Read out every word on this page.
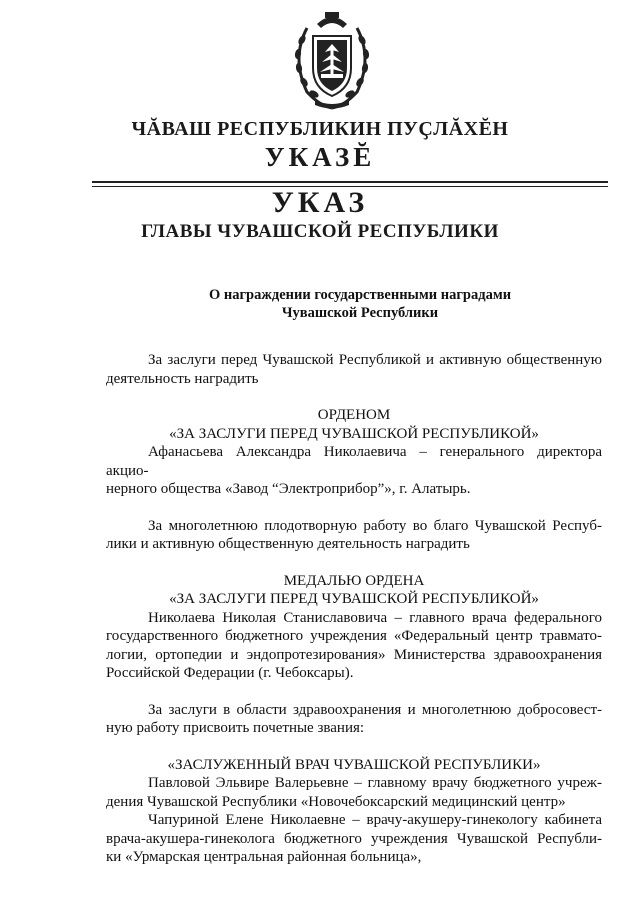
ЧĂВАШ РЕСПУБЛИКИН ПУҪЛĂХĔН
УКАЗĔ
УКАЗ
ГЛАВЫ ЧУВАШСКОЙ РЕСПУБЛИКИ
О награждении государственными наградами
Чувашской Республики

За заслуги перед Чувашской Республикой и активную общественную
деятельность наградить

ОРДЕНОМ

«ЗА ЗАСЛУГИ ПЕРЕД ЧУВАШСКОЙ РЕСПУБЛИКОЙ»

Афанасьева Александра Николаевича – генерального директора акцио-
нерного общества «Завод “Электроприбор”», г. Алатырь.

За многолетнюю плодотворную работу во благо Чувашской Респуб-
лики и активную общественную деятельность наградить

МЕДАЛЬЮ ОРДЕНА

«ЗА ЗАСЛУГИ ПЕРЕД ЧУВАШСКОЙ РЕСПУБЛИКОЙ»

Николаева Николая Станиславовича – главного врача федерального
государственного бюджетного учреждения «Федеральный центр травмато-
логии, ортопедии и эндопротезирования» Министерства здравоохранения
Российской Федерации (г. Чебоксары).

За заслуги в области здравоохранения и многолетнюю добросовест-
ную работу присвоить почетные звания:

«ЗАСЛУЖЕННЫЙ ВРАЧ ЧУВАШСКОЙ РЕСПУБЛИКИ»

Павловой Эльвире Валерьевне – главному врачу бюджетного учреж-
дения Чувашской Республики «Новочебоксарский медицинский центр»

Чапуриной Елене Николаевне – врачу-акушеру-гинекологу кабинета
врача-акушера-гинеколога бюджетного учреждения Чувашской Республи-
ки «Урмарская центральная районная больница»,
